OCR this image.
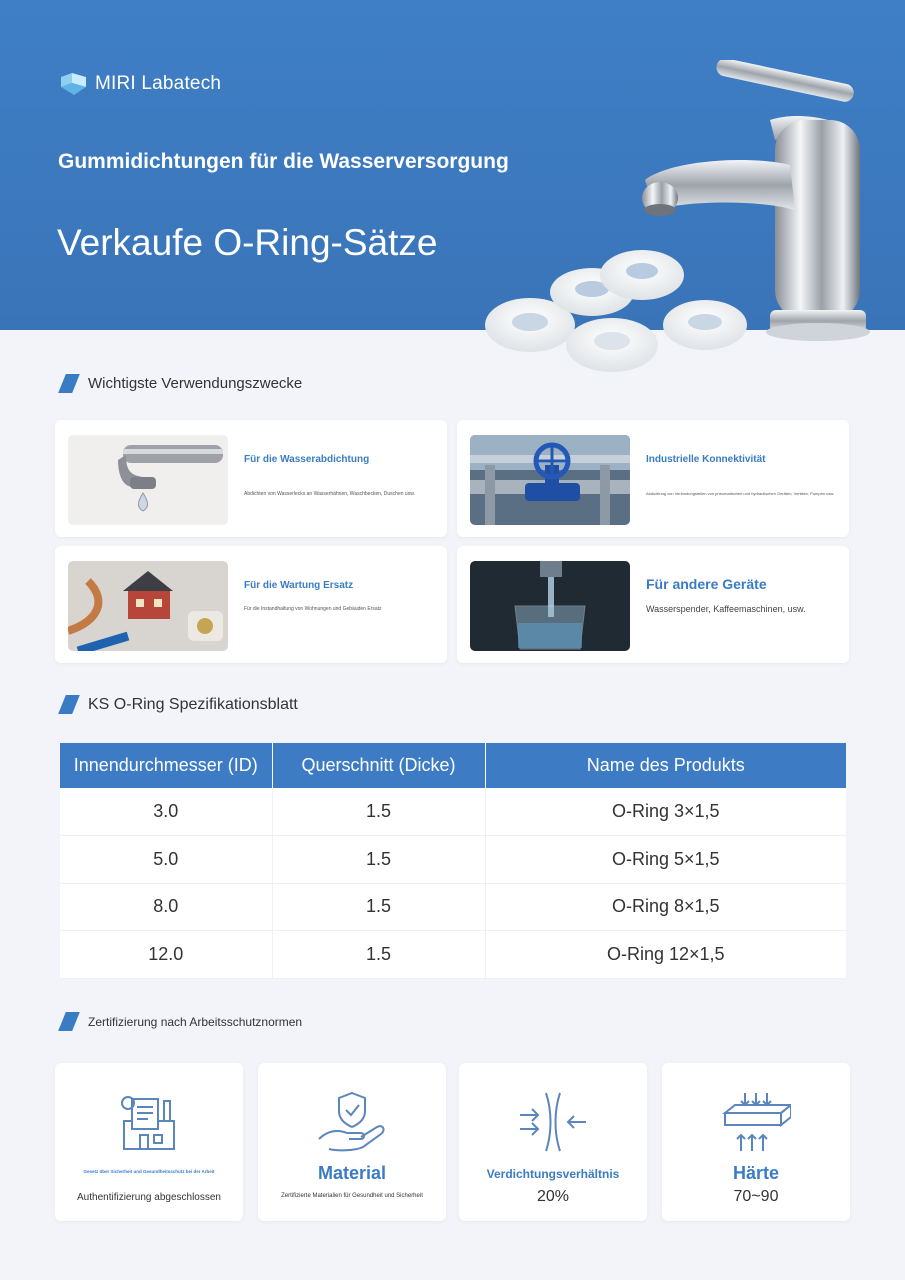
MIRI Labatech
Gummidichtungen für die Wasserversorgung
Verkaufe O-Ring-Sätze
Wichtigste Verwendungszwecke
Für die Wasserabdichtung
Abdichten von Wasserlecks an Wasserhähnen, Waschbecken, Duschen usw.
Industrielle Konnektivität
Abdichtung von Verbindungsteilen von pneumatischen und hydraulischen Geräten, Ventilen, Pumpen usw.
Für die Wartung Ersatz
Für die Instandhaltung von Wohnungen und Gebäuden Ersatz
Für andere Geräte
Wasserspender, Kaffeemaschinen, usw.
KS O-Ring Spezifikationsblatt
Innendurchmesser (ID)	Querschnitt (Dicke)	Name des Produkts
3.0	1.5	O-Ring 3×1,5
5.0	1.5	O-Ring 5×1,5
8.0	1.5	O-Ring 8×1,5
12.0	1.5	O-Ring 12×1,5
Zertifizierung nach Arbeitsschutznormen
Gesetz über Sicherheit und Gesundheitsschutz bei der Arbeit
Authentifizierung abgeschlossen
Material
Zertifizierte Materialien für Gesundheit und Sicherheit
Verdichtungsverhältnis
20%
Härte
70~90
